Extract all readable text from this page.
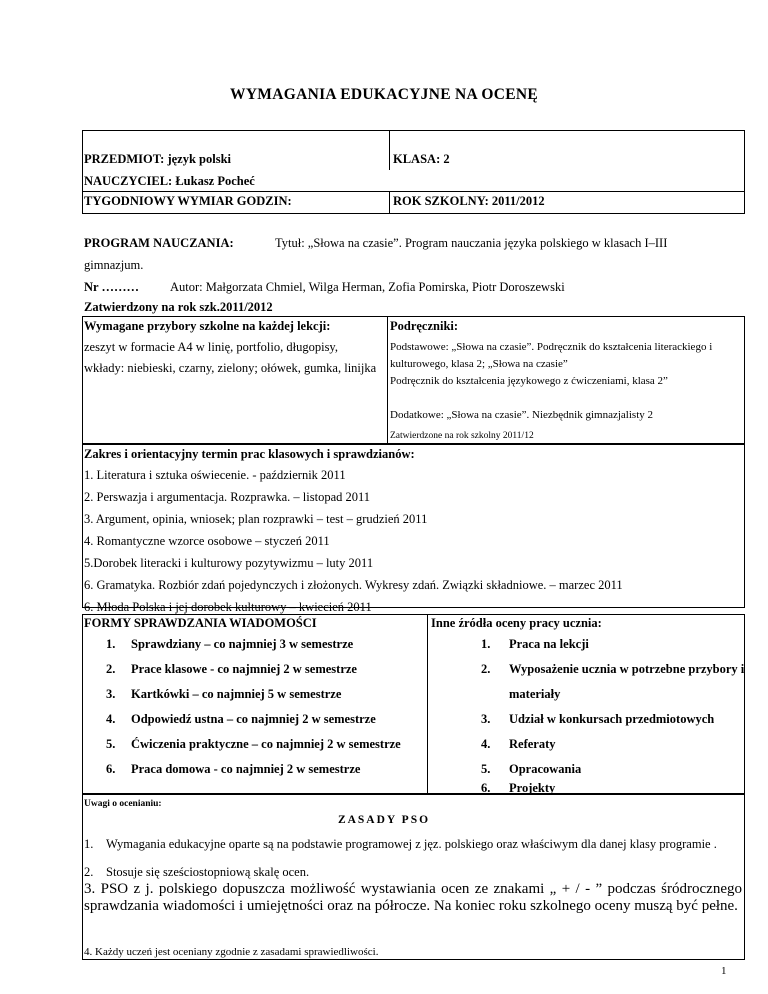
WYMAGANIA EDUKACYJNE NA OCENĘ
PRZEDMIOT: język polski	KLASA: 2
NAUCZYCIEL: Łukasz Pocheć
TYGODNIOWY WYMIAR GODZIN:	ROK SZKOLNY: 2011/2012
PROGRAM NAUCZANIA:	Tytuł: „Słowa na czasie”. Program nauczania języka polskiego w klasach I–III
gimnazjum.
Nr ……… Autor: Małgorzata Chmiel, Wilga Herman, Zofia Pomirska, Piotr Doroszewski
Zatwierdzony na rok szk.2011/2012
Wymagane przybory szkolne na każdej lekcji:
zeszyt w formacie A4 w linię, portfolio, długopisy,
wkłady: niebieski, czarny, zielony; ołówek, gumka, linijka
Podręczniki:
Podstawowe: „Słowa na czasie”. Podręcznik do kształcenia literackiego i
kulturowego, klasa 2; „Słowa na czasie”
Podręcznik do kształcenia językowego z ćwiczeniami, klasa 2”
Dodatkowe: „Słowa na czasie”. Niezbędnik gimnazjalisty 2
Zatwierdzone na rok szkolny 2011/12
Zakres i orientacyjny termin prac klasowych i sprawdzianów:
1. Literatura i sztuka oświecenie. - październik 2011
2. Perswazja i argumentacja. Rozprawka. – listopad 2011
3. Argument, opinia, wniosek; plan rozprawki – test – grudzień 2011
4. Romantyczne wzorce osobowe – styczeń 2011
5.Dorobek literacki i kulturowy pozytywizmu – luty 2011
6. Gramatyka. Rozbiór zdań pojedynczych i złożonych. Wykresy zdań. Związki składniowe. – marzec 2011
6. Młoda Polska i jej dorobek kulturowy – kwiecień 2011
FORMY SPRAWDZANIA WIADOMOŚCI	Inne źródła oceny pracy ucznia:
1. Sprawdziany – co najmniej 3 w semestrze
2. Prace klasowe - co najmniej 2 w semestrze
3. Kartkówki – co najmniej 5 w semestrze
4. Odpowiedź ustna – co najmniej 2 w semestrze
5. Ćwiczenia praktyczne – co najmniej 2 w semestrze
6. Praca domowa - co najmniej 2 w semestrze
1. Praca na lekcji
2. Wyposażenie ucznia w potrzebne przybory i
materiały
3. Udział w konkursach przedmiotowych
4. Referaty
5. Opracowania
6. Projekty
Uwagi o ocenianiu:
ZASADY PSO
1. Wymagania edukacyjne oparte są na podstawie programowej z jęz. polskiego oraz właściwym dla danej klasy programie .
2. Stosuje się sześciostopniową skalę ocen.
3. PSO z j. polskiego dopuszcza możliwość wystawiania ocen ze znakami „ + / - ” podczas śródrocznego sprawdzania wiadomości i umiejętności oraz na półrocze. Na koniec roku szkolnego oceny muszą być pełne.
4. Każdy uczeń jest oceniany zgodnie z zasadami sprawiedliwości.
1
